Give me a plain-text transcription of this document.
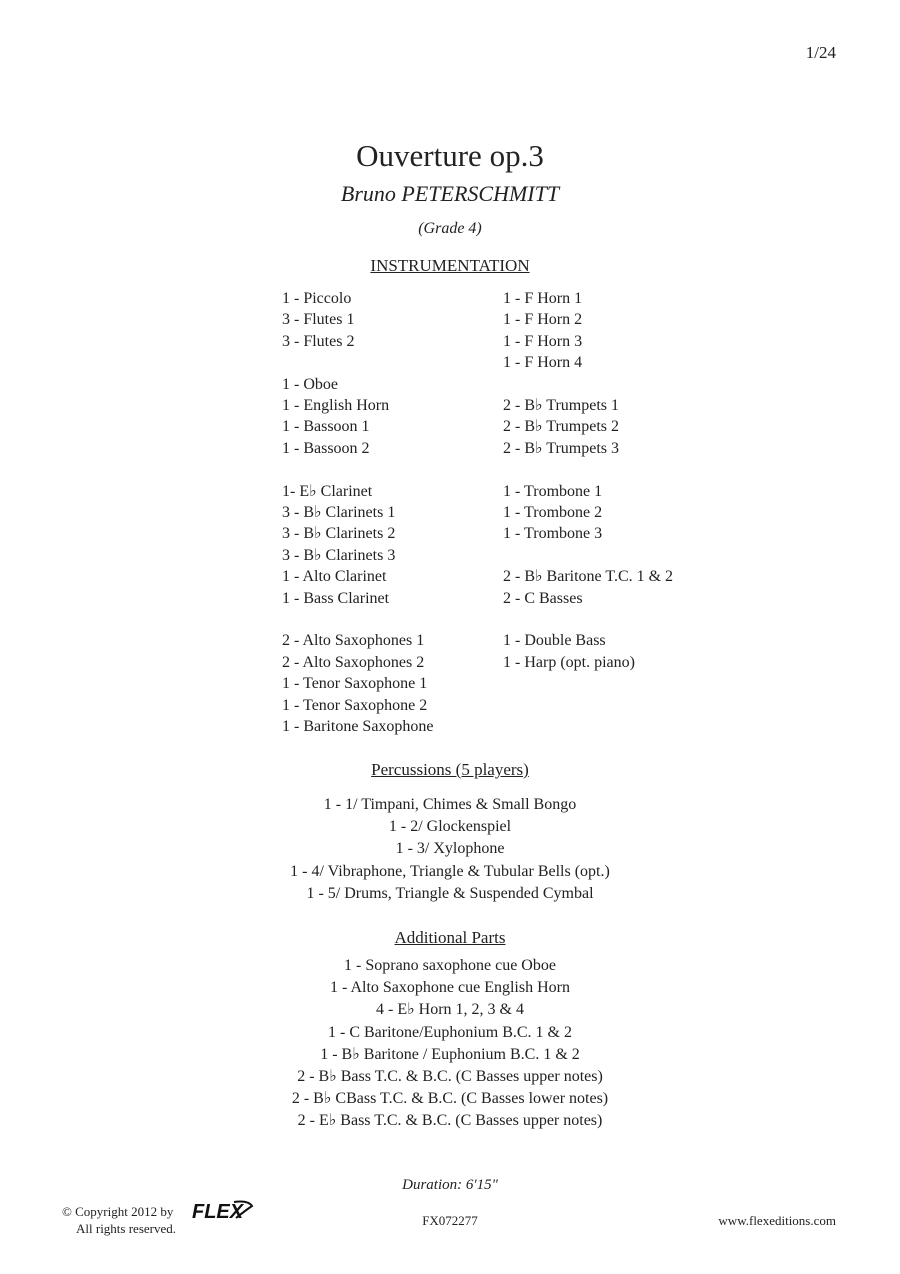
1/24
Ouverture op.3
Bruno PETERSCHMITT
(Grade 4)
INSTRUMENTATION
1 - Piccolo
3 - Flutes 1
3 - Flutes 2
1 - Oboe
1 - English Horn
1 - Bassoon 1
1 - Bassoon 2
1- E♭ Clarinet
3 - B♭ Clarinets 1
3 - B♭ Clarinets 2
3 - B♭ Clarinets 3
1 - Alto Clarinet
1 - Bass Clarinet
2 - Alto Saxophones 1
2 - Alto Saxophones 2
1 - Tenor Saxophone 1
1 - Tenor Saxophone 2
1 - Baritone Saxophone
1 - F Horn 1
1 - F Horn 2
1 - F Horn 3
1 - F Horn 4
2 - B♭ Trumpets 1
2 - B♭ Trumpets 2
2 - B♭ Trumpets 3
1 - Trombone 1
1 - Trombone 2
1 - Trombone 3
2 - B♭ Baritone T.C. 1 & 2
2 - C Basses
1 - Double Bass
1 - Harp (opt. piano)
Percussions (5 players)
1 - 1/ Timpani, Chimes & Small Bongo
1 - 2/ Glockenspiel
1 - 3/ Xylophone
1 - 4/ Vibraphone, Triangle & Tubular Bells (opt.)
1 - 5/ Drums, Triangle & Suspended Cymbal
Additional Parts
1 - Soprano saxophone cue Oboe
1 - Alto Saxophone cue English Horn
4 - E♭ Horn 1, 2, 3 & 4
1 - C Baritone/Euphonium B.C. 1 & 2
1 - B♭ Baritone / Euphonium B.C. 1 & 2
2 - B♭ Bass T.C. & B.C. (C Basses upper notes)
2 - B♭ CBass T.C. & B.C. (C Basses lower notes)
2 - E♭ Bass T.C. & B.C. (C Basses upper notes)
Duration: 6'15"
© Copyright 2012 by
All rights reserved.
FLEX	FX072277	www.flexeditions.com
